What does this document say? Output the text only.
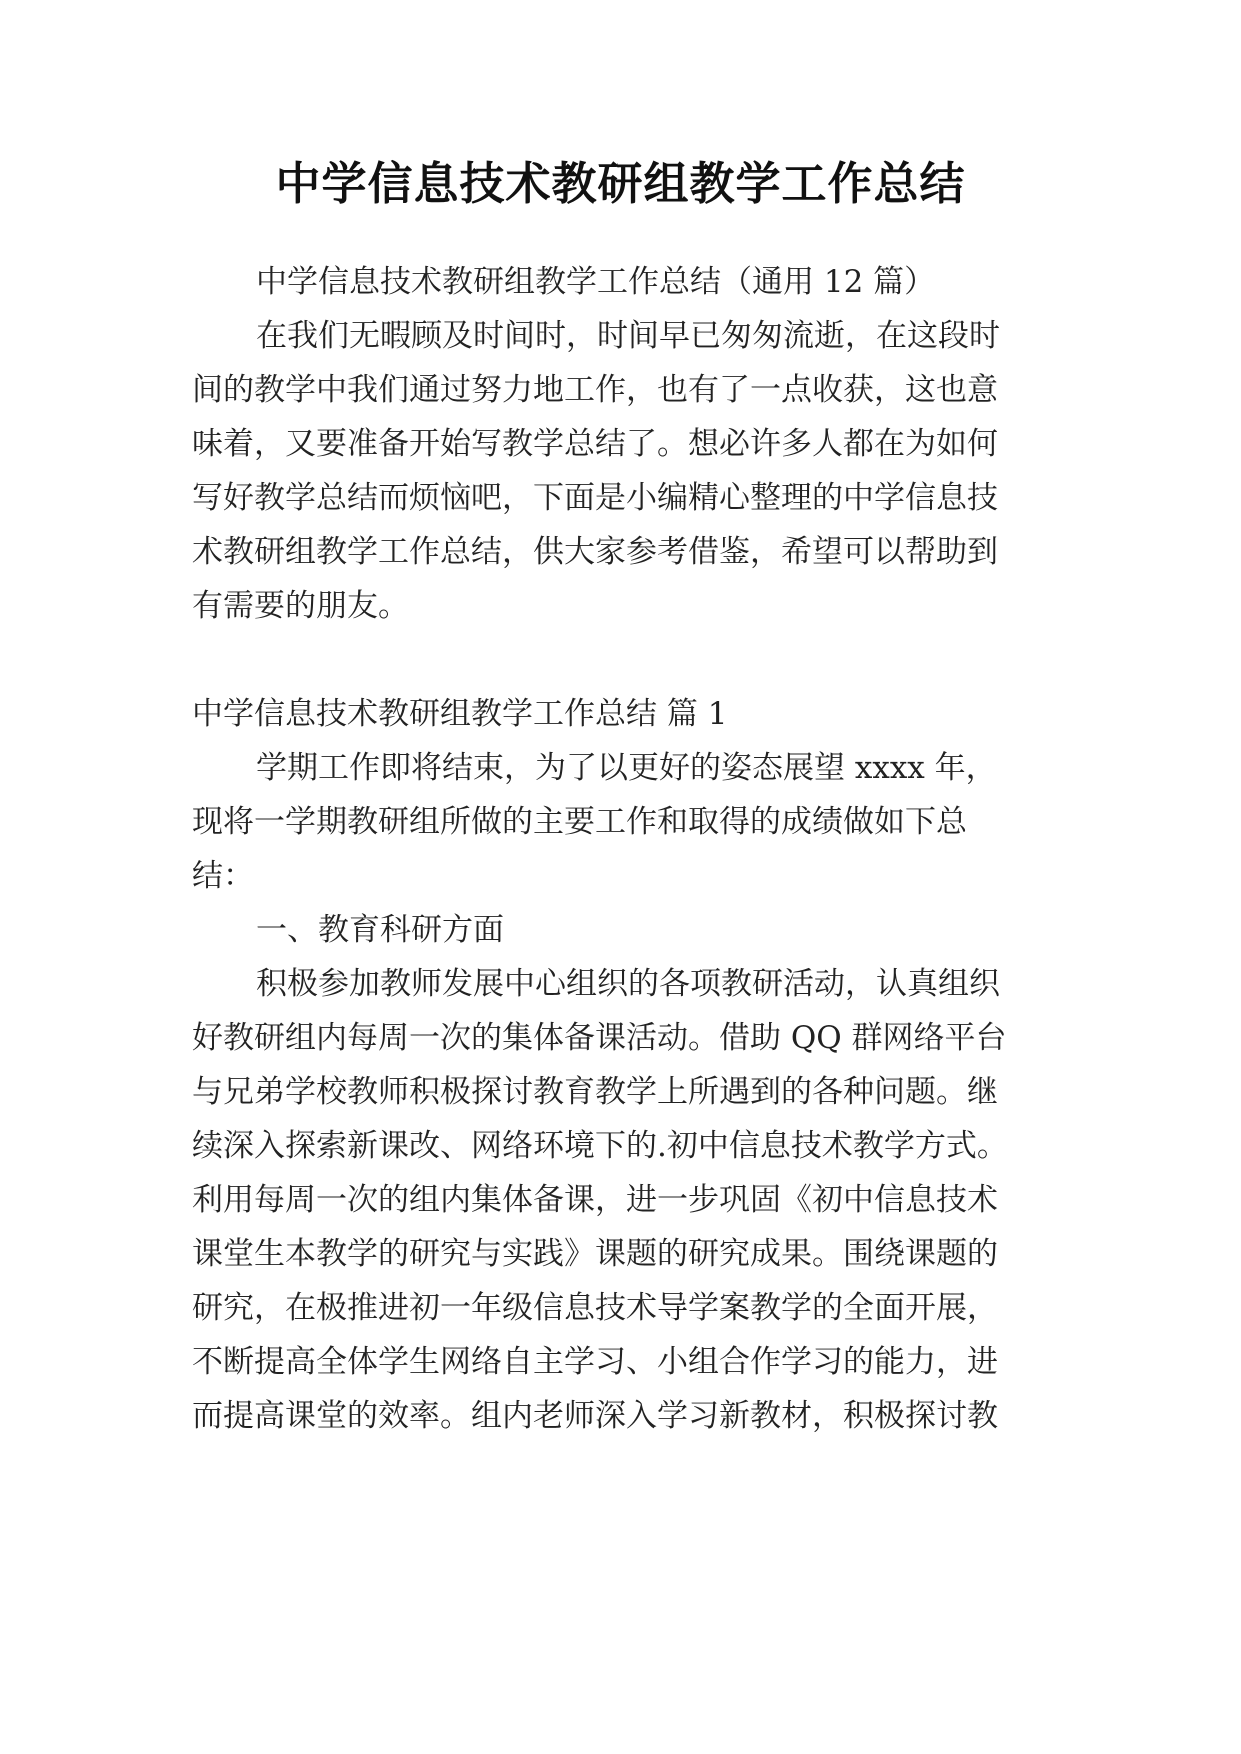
中学信息技术教研组教学工作总结
中学信息技术教研组教学工作总结（通用 12 篇）
在我们无暇顾及时间时，时间早已匆匆流逝，在这段时
间的教学中我们通过努力地工作，也有了一点收获，这也意
味着，又要准备开始写教学总结了。想必许多人都在为如何
写好教学总结而烦恼吧，下面是小编精心整理的中学信息技
术教研组教学工作总结，供大家参考借鉴，希望可以帮助到
有需要的朋友。
中学信息技术教研组教学工作总结 篇 1
学期工作即将结束，为了以更好的姿态展望 xxxx 年，
现将一学期教研组所做的主要工作和取得的成绩做如下总
结：
一、教育科研方面
积极参加教师发展中心组织的各项教研活动，认真组织
好教研组内每周一次的集体备课活动。借助 QQ 群网络平台
与兄弟学校教师积极探讨教育教学上所遇到的各种问题。继
续深入探索新课改、网络环境下的.初中信息技术教学方式。
利用每周一次的组内集体备课，进一步巩固《初中信息技术
课堂生本教学的研究与实践》课题的研究成果。围绕课题的
研究，在极推进初一年级信息技术导学案教学的全面开展，
不断提高全体学生网络自主学习、小组合作学习的能力，进
而提高课堂的效率。组内老师深入学习新教材，积极探讨教
